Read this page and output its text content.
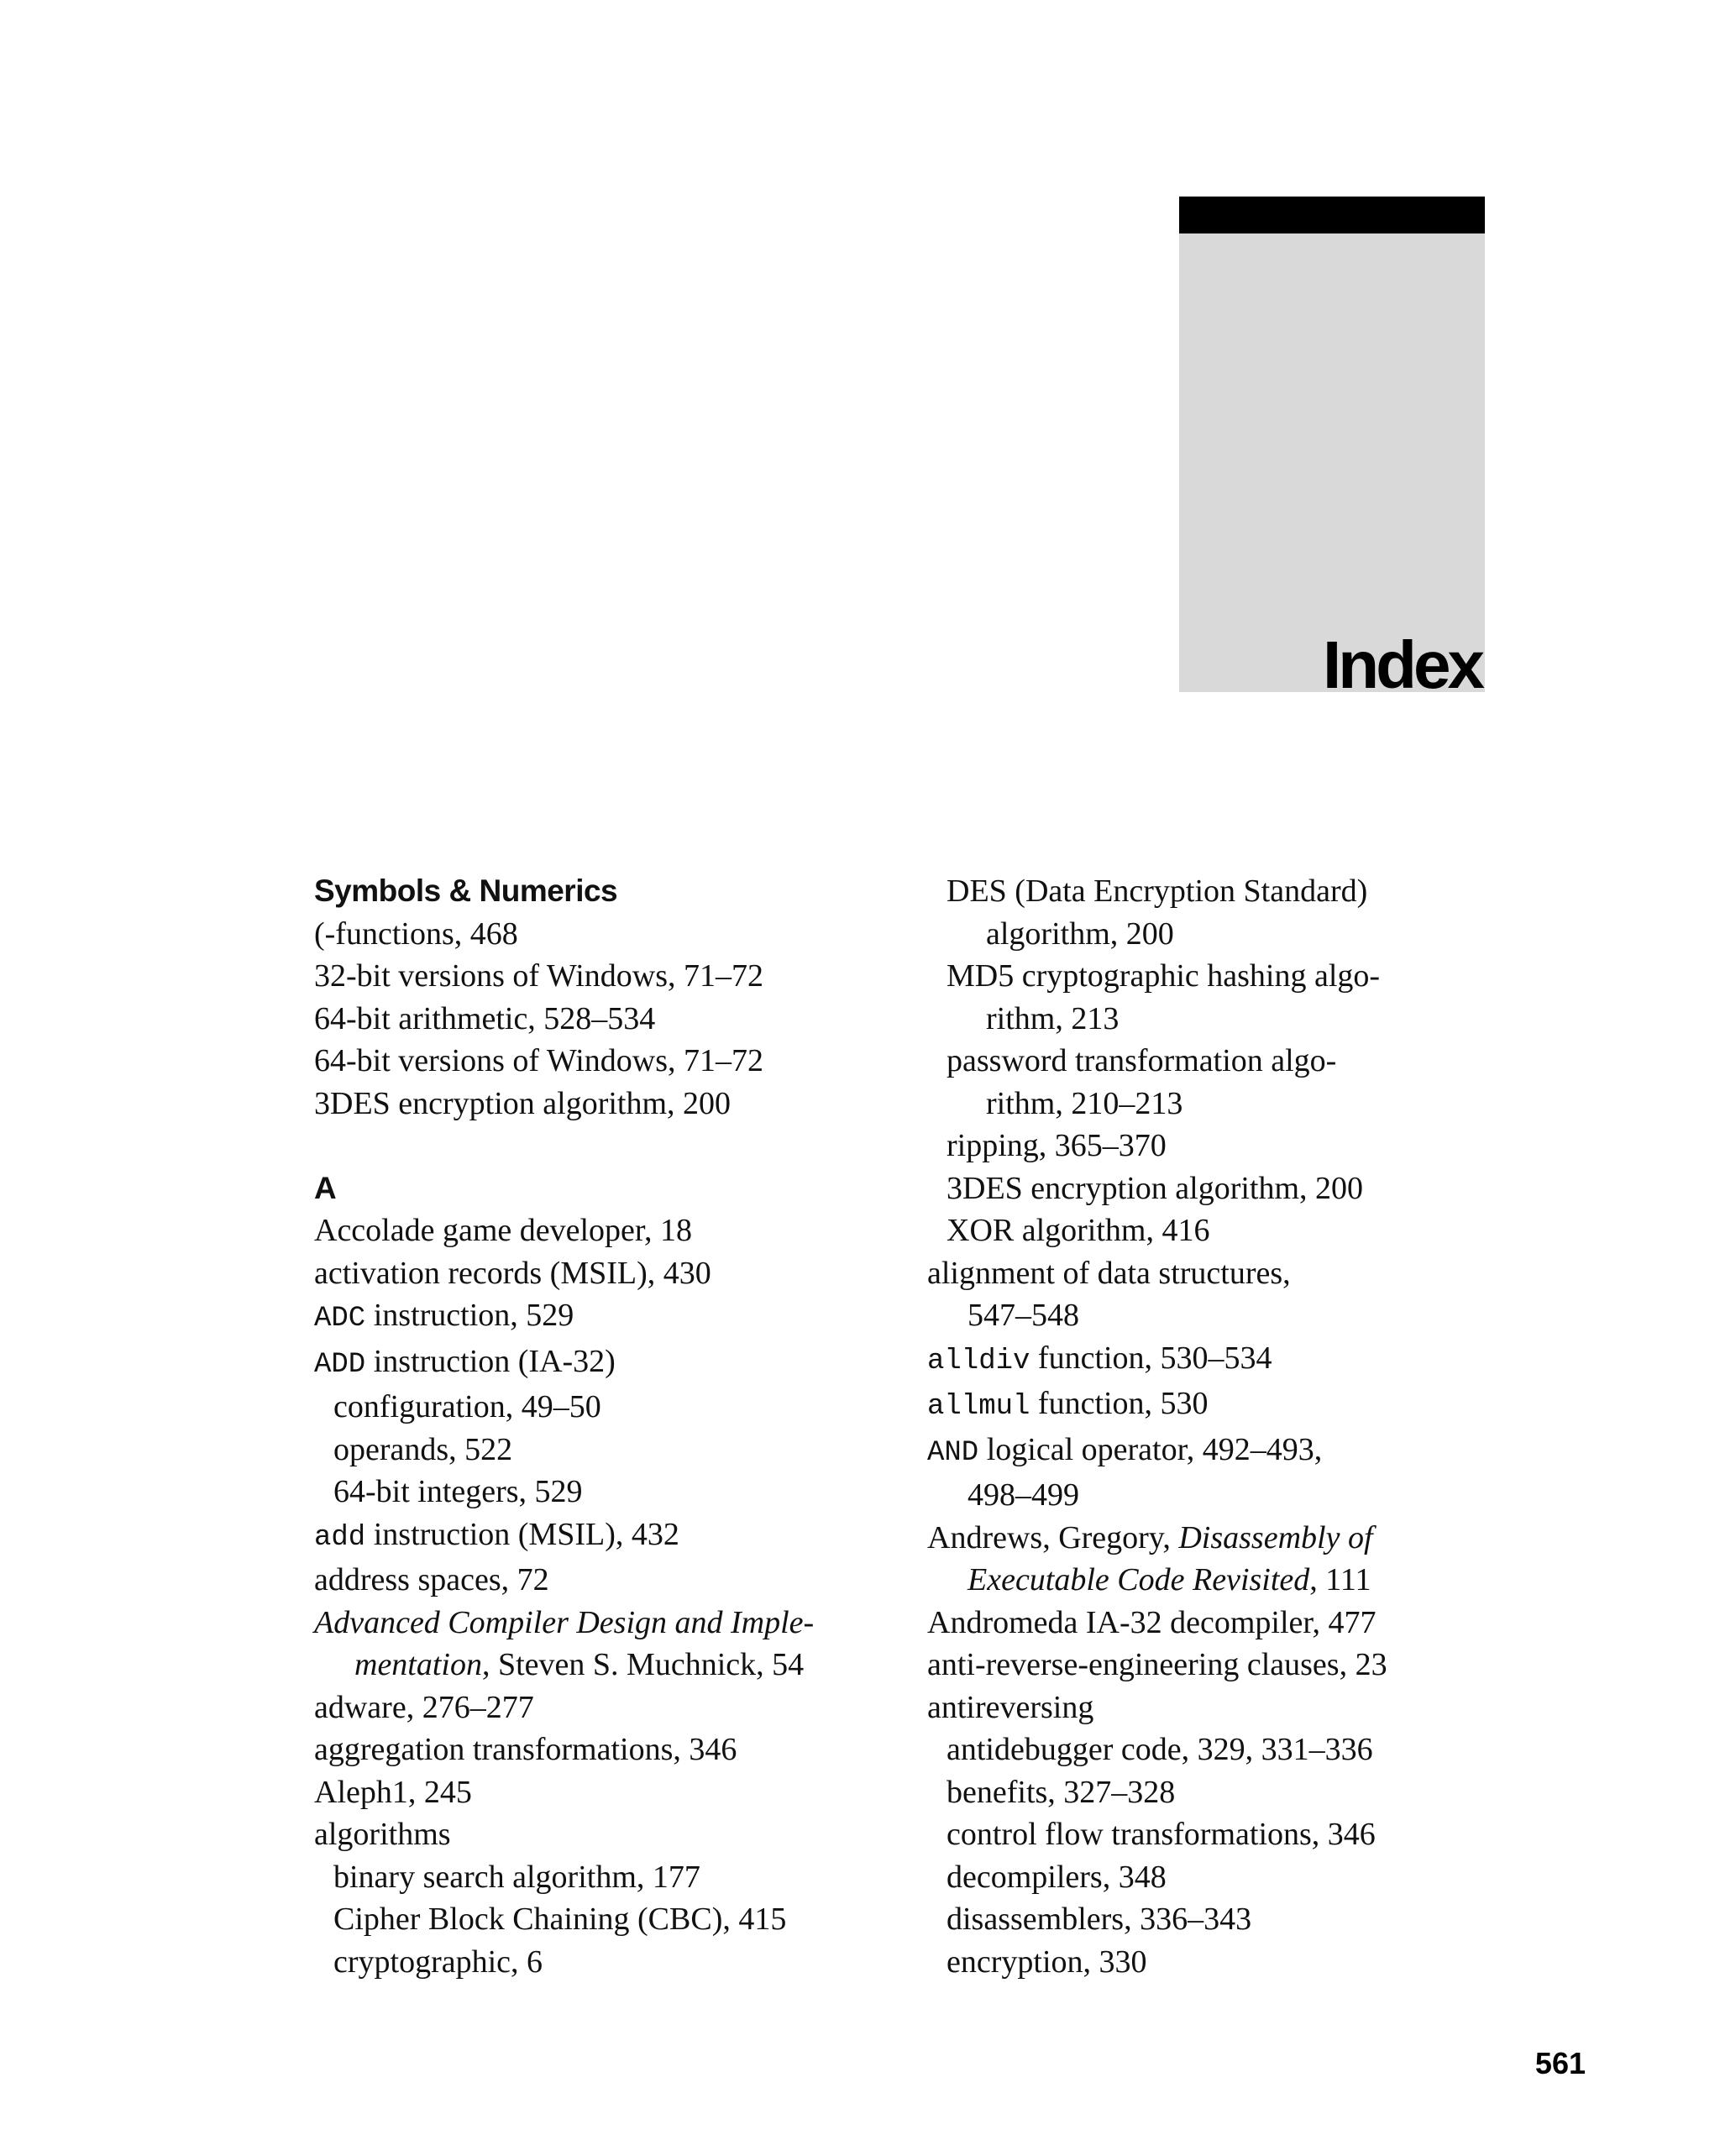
Index
Symbols & Numerics
(-functions, 468
32-bit versions of Windows, 71–72
64-bit arithmetic, 528–534
64-bit versions of Windows, 71–72
3DES encryption algorithm, 200
A
Accolade game developer, 18
activation records (MSIL), 430
ADC instruction, 529
ADD instruction (IA-32)
configuration, 49–50
operands, 522
64-bit integers, 529
add instruction (MSIL), 432
address spaces, 72
Advanced Compiler Design and Imple-
mentation, Steven S. Muchnick, 54
adware, 276–277
aggregation transformations, 346
Aleph1, 245
algorithms
binary search algorithm, 177
Cipher Block Chaining (CBC), 415
cryptographic, 6
DES (Data Encryption Standard)
algorithm, 200
MD5 cryptographic hashing algo-
rithm, 213
password transformation algo-
rithm, 210–213
ripping, 365–370
3DES encryption algorithm, 200
XOR algorithm, 416
alignment of data structures,
547–548
alldiv function, 530–534
allmul function, 530
AND logical operator, 492–493,
498–499
Andrews, Gregory, Disassembly of
Executable Code Revisited, 111
Andromeda IA-32 decompiler, 477
anti-reverse-engineering clauses, 23
antireversing
antidebugger code, 329, 331–336
benefits, 327–328
control flow transformations, 346
decompilers, 348
disassemblers, 336–343
encryption, 330
561
